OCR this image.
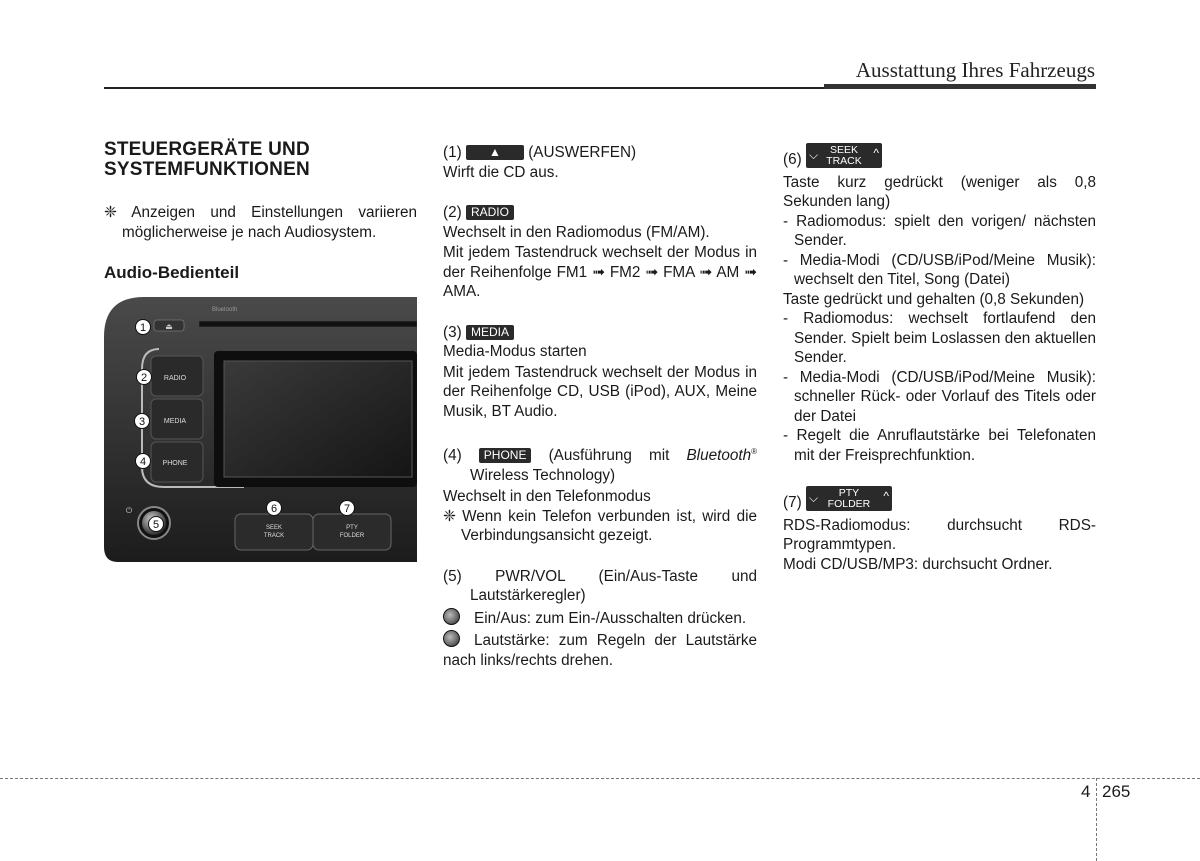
Ausstattung Ihres Fahrzeugs
STEUERGERÄTE UND
SYSTEMFUNKTIONEN

❈ Anzeigen und Einstellungen variieren möglicherweise je nach Audiosystem.

Audio-Bedienteil
Bluetooth
⏏
RADIO
MEDIA
PHONE
⏻
SEEK
TRACK
PTY
FOLDER
1
2
3
4
5
6	7

(1) ▲ (AUSWERFEN)

Wirft die CD aus.

(2) RADIO

Wechselt in den Radiomodus (FM/AM).

Mit jedem Tastendruck wechselt der Modus in der Reihenfolge FM1 ➟ FM2 ➟ FMA ➟ AM ➟ AMA.

(3) MEDIA

Media-Modus starten

Mit jedem Tastendruck wechselt der Modus in der Reihenfolge CD, USB (iPod), AUX, Meine Musik, BT Audio.

(4) PHONE (Ausführung mit Bluetooth® Wireless Technology)

Wechselt in den Telefonmodus

❈ Wenn kein Telefon verbunden ist, wird die Verbindungsansicht gezeigt.

(5) PWR/VOL (Ein/Aus-Taste und Lautstärkeregler)

Ein/Aus: zum Ein-/Ausschalten drücken.

Lautstärke: zum Regeln der Lautstärke nach links/rechts drehen.

(6) ⌵	SEEK
TRACK
^

Taste kurz gedrückt (weniger als 0,8 Sekunden lang)

- Radiomodus: spielt den vorigen/ nächsten Sender.

- Media-Modi (CD/USB/iPod/Meine Musik): wechselt den Titel, Song (Datei)

Taste gedrückt und gehalten (0,8 Sekunden)

- Radiomodus: wechselt fortlaufend den Sender. Spielt beim Loslassen den aktuellen Sender.

- Media-Modi (CD/USB/iPod/Meine Musik): schneller Rück- oder Vorlauf des Titels oder der Datei

- Regelt die Anruflautstärke bei Telefonaten mit der Freisprechfunktion.

(7) ⌵	PTY
FOLDER
^

RDS-Radiomodus: durchsucht RDS-Programmtypen.

Modi CD/USB/MP3: durchsucht Ordner.

4 265
